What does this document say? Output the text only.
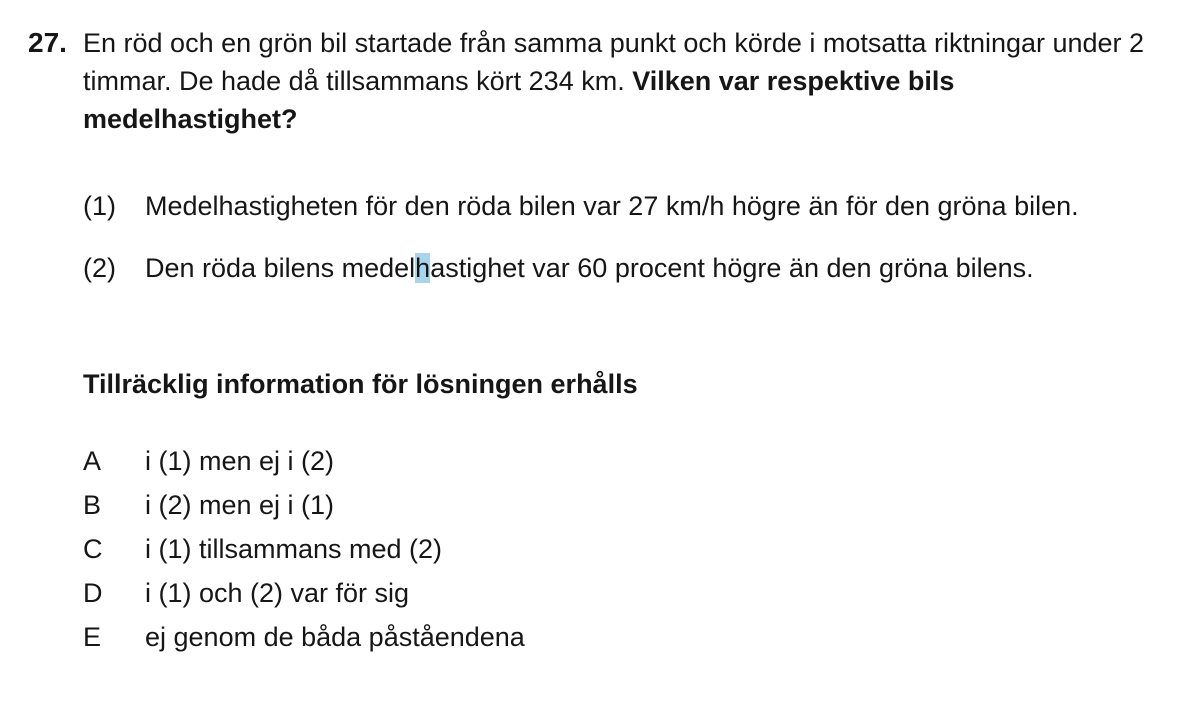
27. En röd och en grön bil startade från samma punkt och körde i motsatta riktningar under 2 timmar. De hade då tillsammans kört 234 km. Vilken var respektive bils medelhastighet?
(1) Medelhastigheten för den röda bilen var 27 km/h högre än för den gröna bilen.
(2) Den röda bilens medelhastighet var 60 procent högre än den gröna bilens.
Tillräcklig information för lösningen erhålls
A i (1) men ej i (2)
B i (2) men ej i (1)
C i (1) tillsammans med (2)
D i (1) och (2) var för sig
E ej genom de båda påståendena
